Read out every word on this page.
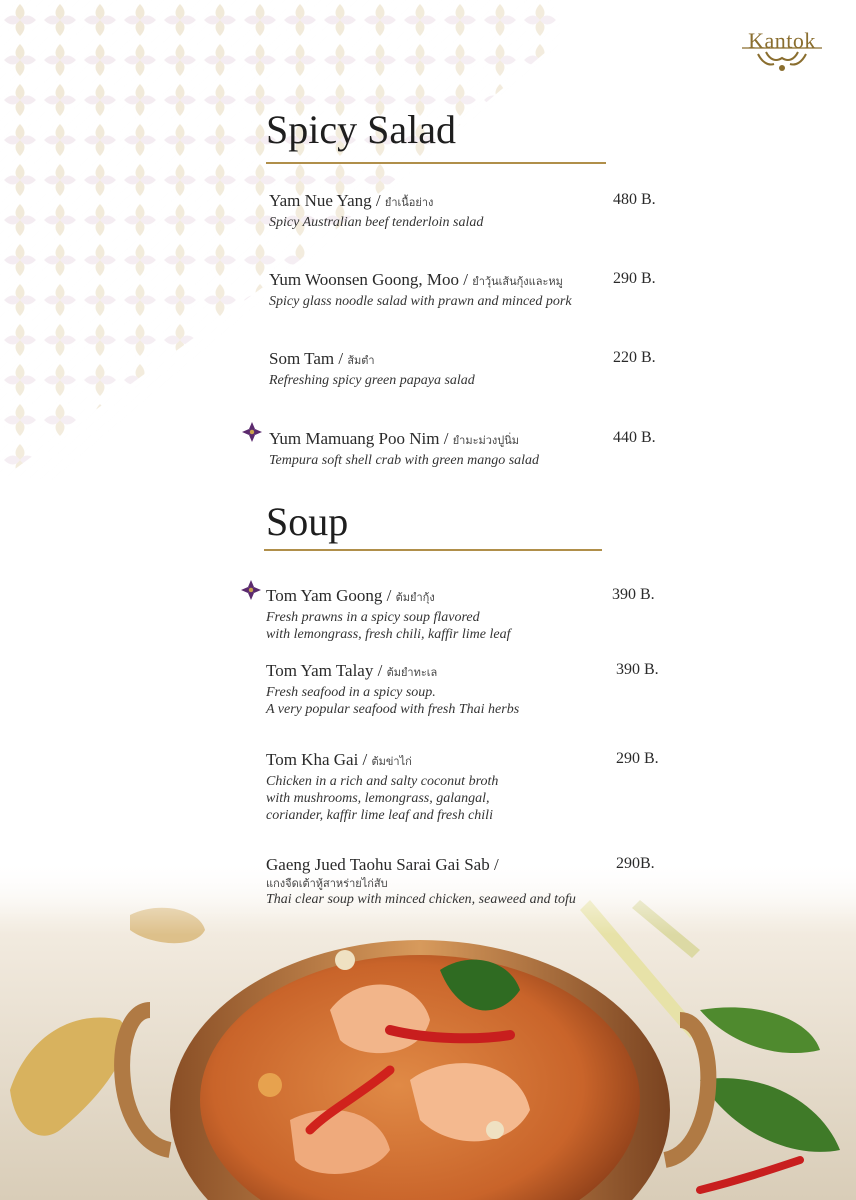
Kantok
Spicy Salad
Yam Nue Yang / ยำเนื้อย่าง
Spicy Australian beef tenderloin salad
480 B.
Yum Woonsen Goong, Moo / ยำวุ้นเส้นกุ้งและหมู
Spicy glass noodle salad with prawn and minced pork
290 B.
Som Tam / ส้มตำ
Refreshing spicy green papaya salad
220 B.
Yum Mamuang Poo Nim / ยำมะม่วงปูนิ่ม
Tempura soft shell crab with green mango salad
440 B.
Soup
Tom Yam Goong / ต้มยำกุ้ง
Fresh prawns in a spicy soup flavored
with lemongrass, fresh chili, kaffir lime leaf
390 B.
Tom Yam Talay / ต้มยำทะเล
Fresh seafood in a spicy soup.
A very popular seafood with fresh Thai herbs
390 B.
Tom Kha Gai / ต้มข่าไก่
Chicken in a rich and salty coconut broth
with mushrooms, lemongrass, galangal,
coriander, kaffir lime leaf and fresh chili
290 B.
Gaeng Jued Taohu Sarai Gai Sab /
แกงจืดเต้าหู้สาหร่ายไก่สับ
Thai clear soup with minced chicken, seaweed and tofu
290B.
